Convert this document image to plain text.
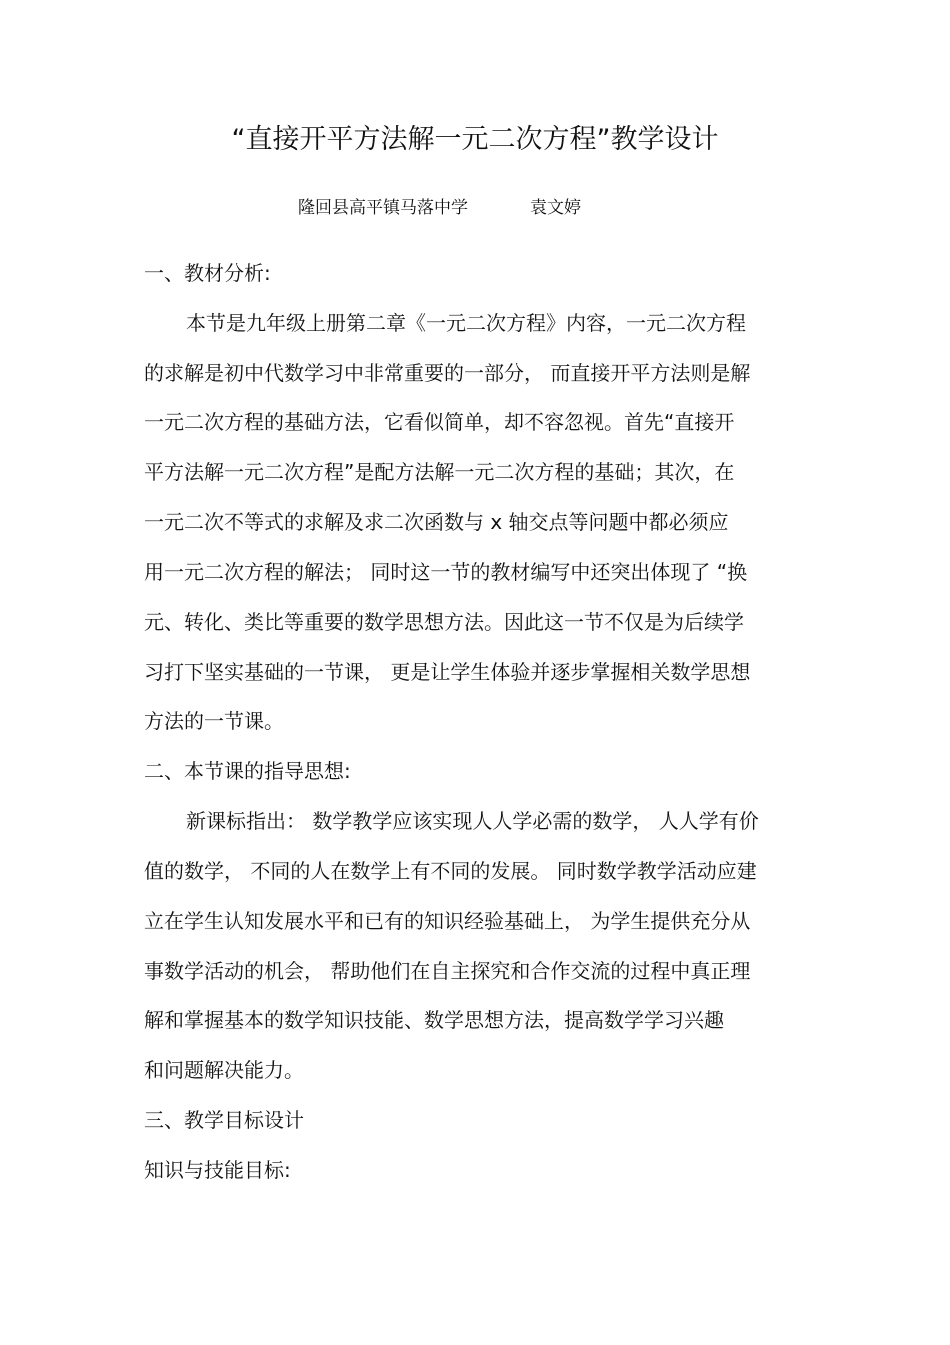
“直接开平方法解一元二次方程”教学设计
隆回县高平镇马落中学	袁文婷
一、教材分析:
本节是九年级上册第二章《一元二次方程》内容，一元二次方程
的求解是初中代数学习中非常重要的一部分， 而直接开平方法则是解
一元二次方程的基础方法，它看似简单，却不容忽视。首先“直接开
平方法解一元二次方程”是配方法解一元二次方程的基础；其次，在
一元二次不等式的求解及求二次函数与 x 轴交点等问题中都必须应
用一元二次方程的解法； 同时这一节的教材编写中还突出体现了 “换
元、转化、类比等重要的数学思想方法。因此这一节不仅是为后续学
习打下坚实基础的一节课， 更是让学生体验并逐步掌握相关数学思想
方法的一节课。
二、本节课的指导思想:
新课标指出： 数学教学应该实现人人学必需的数学， 人人学有价
值的数学， 不同的人在数学上有不同的发展。 同时数学教学活动应建
立在学生认知发展水平和已有的知识经验基础上， 为学生提供充分从
事数学活动的机会， 帮助他们在自主探究和合作交流的过程中真正理
解和掌握基本的数学知识技能、数学思想方法，提高数学学习兴趣
和问题解决能力。
三、教学目标设计
知识与技能目标:
